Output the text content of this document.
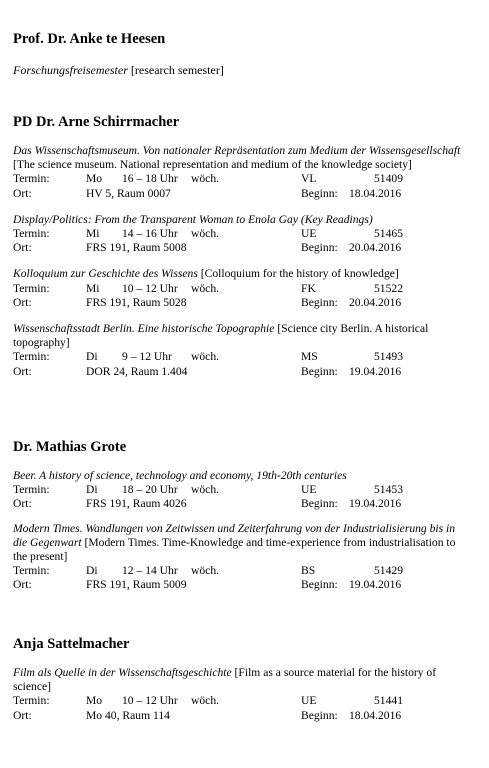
Prof. Dr. Anke te Heesen
Forschungsfreisemester [research semester]
PD Dr. Arne Schirrmacher
Das Wissenschaftsmuseum. Von nationaler Repräsentation zum Medium der Wissensgesellschaft [The science museum. National representation and medium of the knowledge society]
Termin:	Mo 16 – 18 Uhr wöch.	VL	51409
Ort:	HV 5, Raum 0007	Beginn: 18.04.2016
Display/Politics: From the Transparent Woman to Enola Gay (Key Readings)
Termin:	Mi 14 – 16 Uhr wöch.	UE	51465
Ort:	FRS 191, Raum 5008	Beginn: 20.04.2016
Kolloquium zur Geschichte des Wissens [Colloquium for the history of knowledge]
Termin:	Mi 10 – 12 Uhr wöch.	FK	51522
Ort:	FRS 191, Raum 5028	Beginn: 20.04.2016
Wissenschaftsstadt Berlin. Eine historische Topographie [Science city Berlin. A historical topography]
Termin:	Di 9 – 12 Uhr wöch.	MS	51493
Ort:	DOR 24, Raum 1.404	Beginn: 19.04.2016
Dr. Mathias Grote
Beer. A history of science, technology and economy, 19th-20th centuries
Termin:	Di 18 – 20 Uhr wöch.	UE	51453
Ort:	FRS 191, Raum 4026	Beginn: 19.04.2016
Modern Times. Wandlungen von Zeitwissen und Zeiterfahrung von der Industrialisierung bis in die Gegenwart [Modern Times. Time-Knowledge and time-experience from industrialisation to the present]
Termin:	Di 12 – 14 Uhr wöch.	BS	51429
Ort:	FRS 191, Raum 5009	Beginn: 19.04.2016
Anja Sattelmacher
Film als Quelle in der Wissenschaftsgeschichte [Film as a source material for the history of science]
Termin:	Mo 10 – 12 Uhr wöch.	UE	51441
Ort:	Mo 40, Raum 114	Beginn: 18.04.2016
